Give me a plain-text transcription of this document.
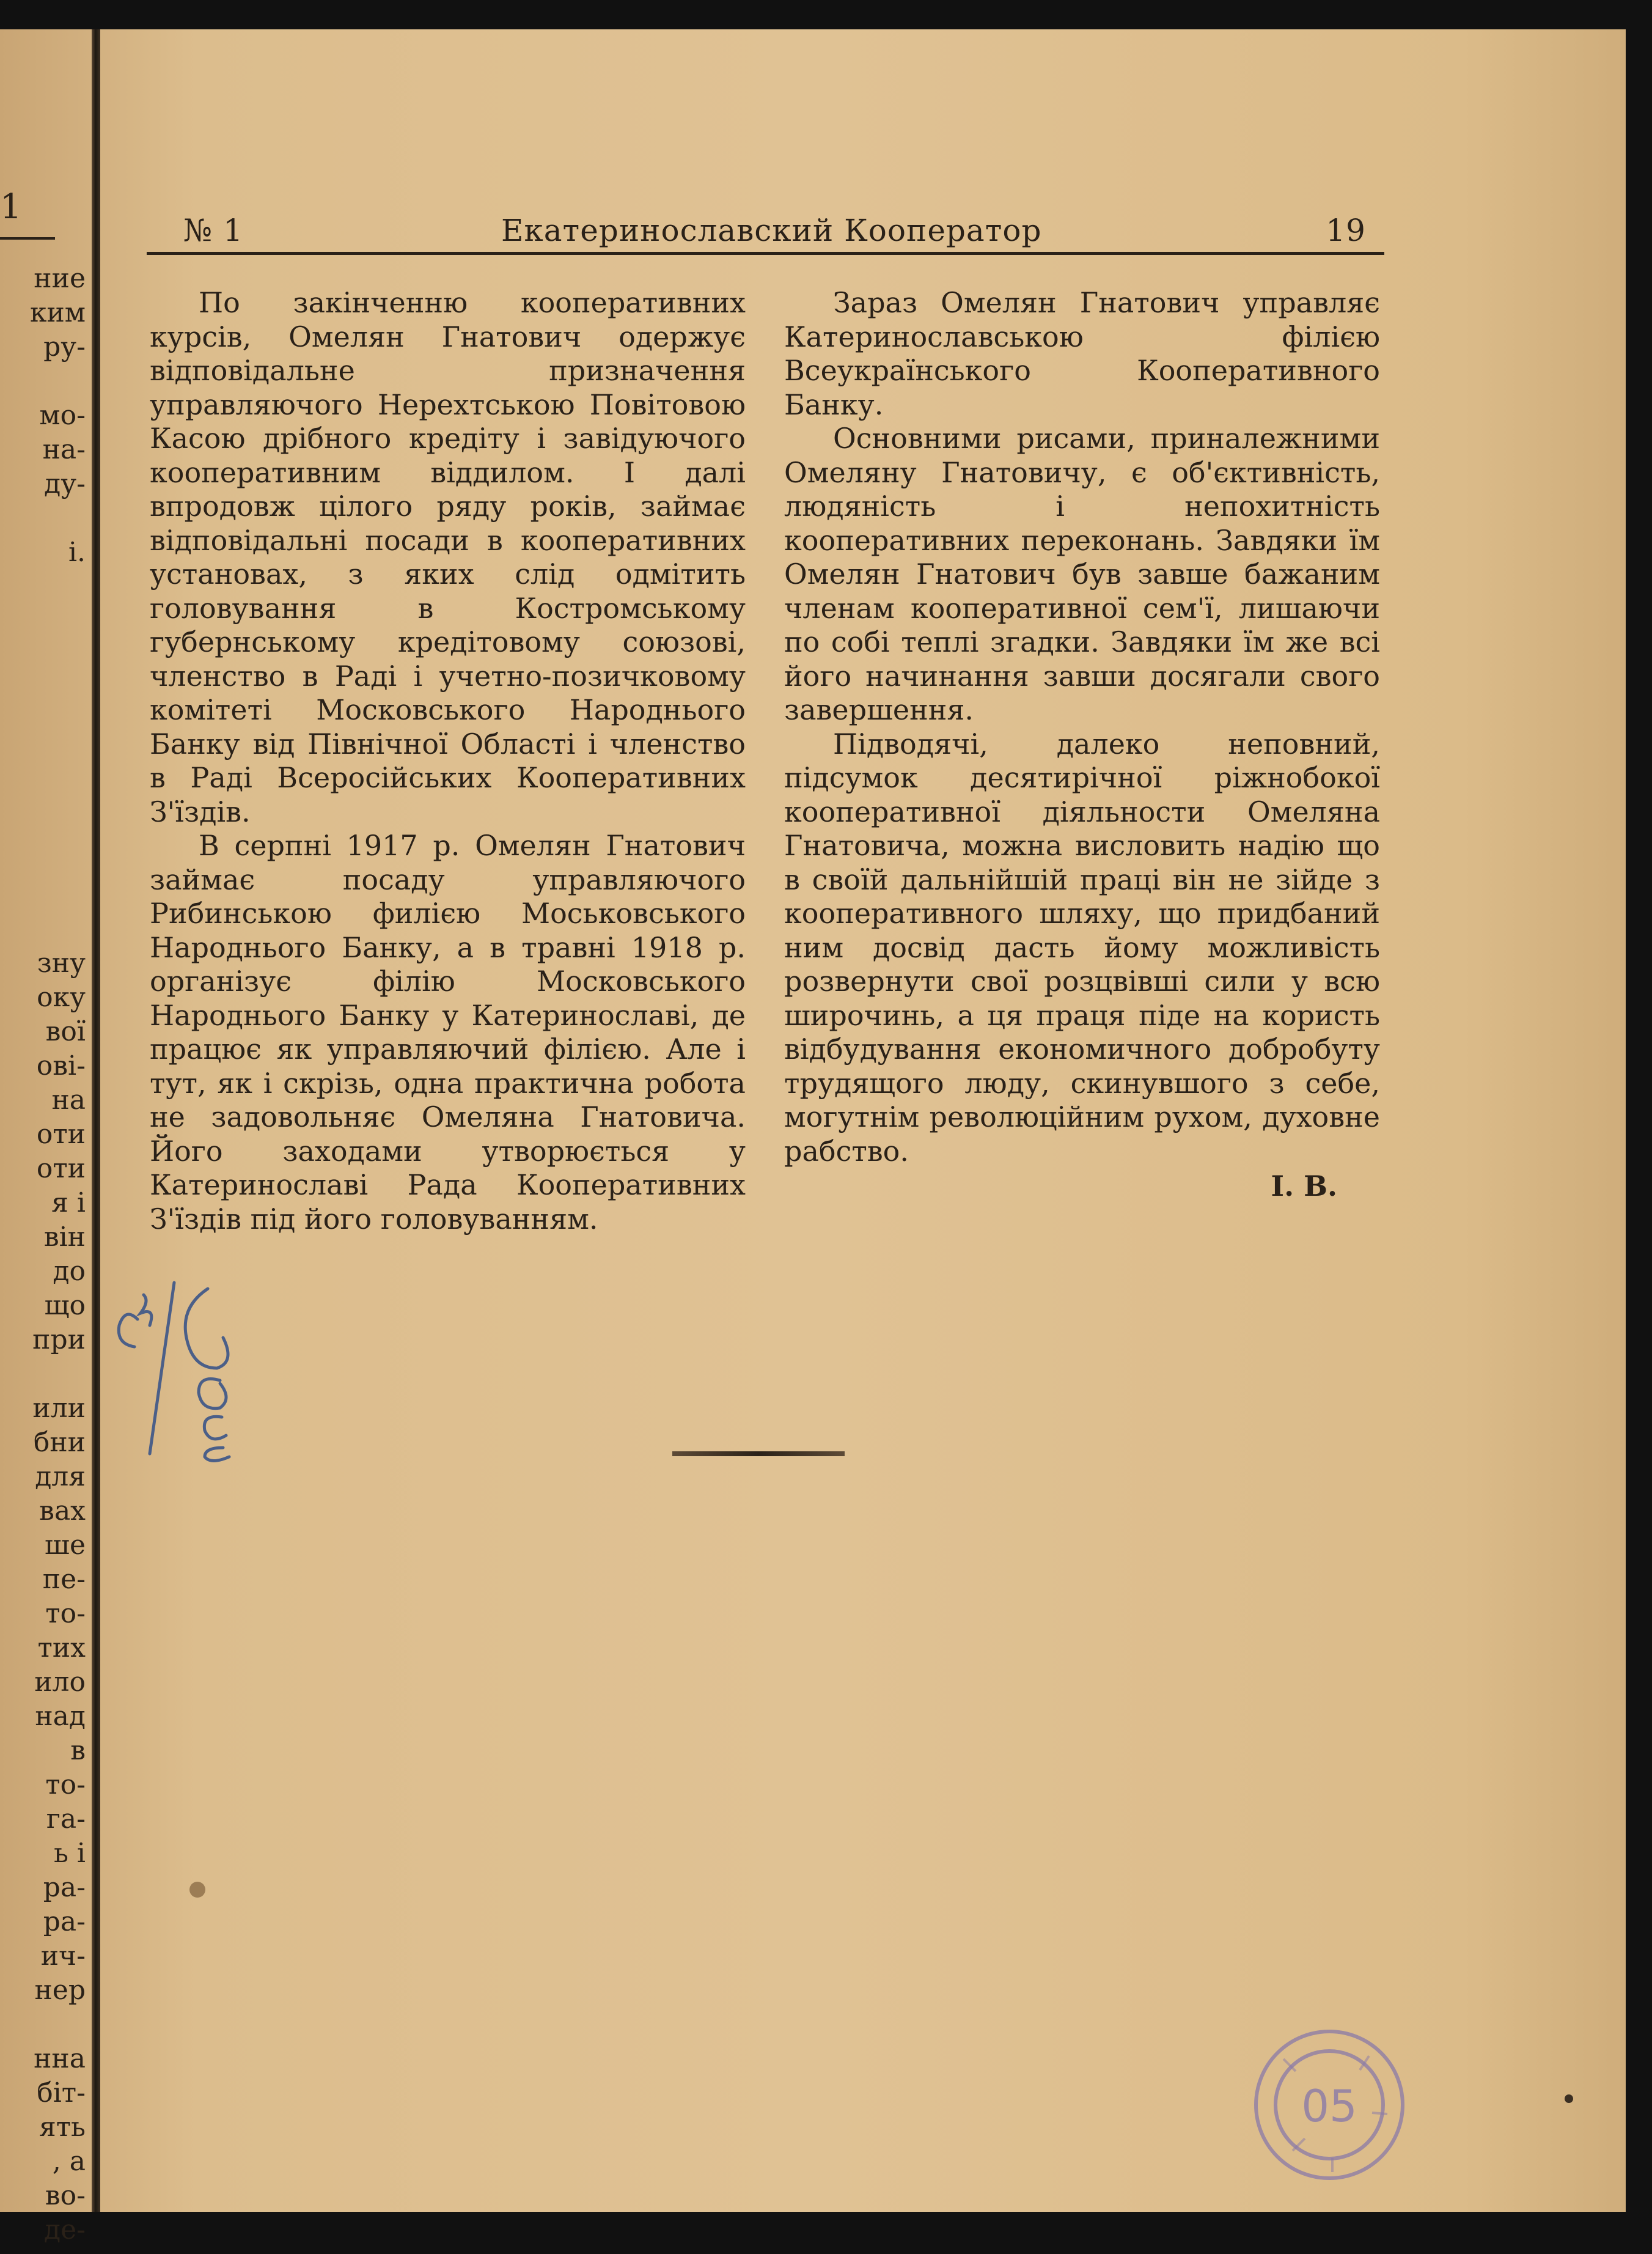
1
ние
ким
ру-
мо-
на-
ду-
і.
зну
оку
вої
ові-
на
оти
оти
я і
він
до
що
при
или
бни
для
вах
ше
пе-
то-
тих
ило
над
в
то-
га-
ь і
ра-
ра-
ич-
нер
нна
біт-
ять
, а
во-
де-
№ 1	Екатеринославский Кооператор	19

По закінченню кооперативних курсів, Омелян Гнатович одержує відповідальне призначення управляючого Нерехтською Повітовою Касою дрібного кредіту і завідуючого кооперативним віддилом. І далі впродовж цілого ряду років, займає відповідальні посади в кооперативних установах, з яких слід одмітить головування в Костромському губернському кредітовому союзові, членство в Раді і учетно-позичковому комітеті Московського Народнього Банку від Північної Області і членство в Раді Всеросійських Кооперативних З'їздів.

В серпні 1917 р. Омелян Гнатович займає посаду управляючого Рибинською филією Моськовського Народнього Банку, а в травні 1918 р. організує філію Московського Народнього Банку у Катеринославі, де працює як управляючий філією. Але і тут, як і скрізь, одна практична робота не задовольняє Омеляна Гнатовича. Його заходами утворюється у Катеринославі Рада Кооперативних З'їздів під його головуванням.

Зараз Омелян Гнатович управляє Катеринославською філією Всеукраїнського Кооперативного Банку.

Основними рисами, приналежними Омеляну Гнатовичу, є об'єктивність, людяність і непохитність кооперативних переконань. Завдяки їм Омелян Гнатович був завше бажаним членам кооперативної сем'ї, лишаючи по собі теплі згадки. Завдяки їм же всі його начинання завши досягали свого завершення.

Підводячі, далеко неповний, підсумок десятирічної ріжнобокої кооперативної діяльности Омеляна Гнатовича, можна висловить надію що в своїй дальнійшій праці він не зійде з кооперативного шляху, що придбаний ним досвід дасть йому можливість розвернути свої розцвівші сили у всю широчинь, а ця праця піде на користь відбудування економичного добробуту трудящого люду, скинувшого з себе, могутнім революційним рухом, духовне рабство.

І. В.
05
